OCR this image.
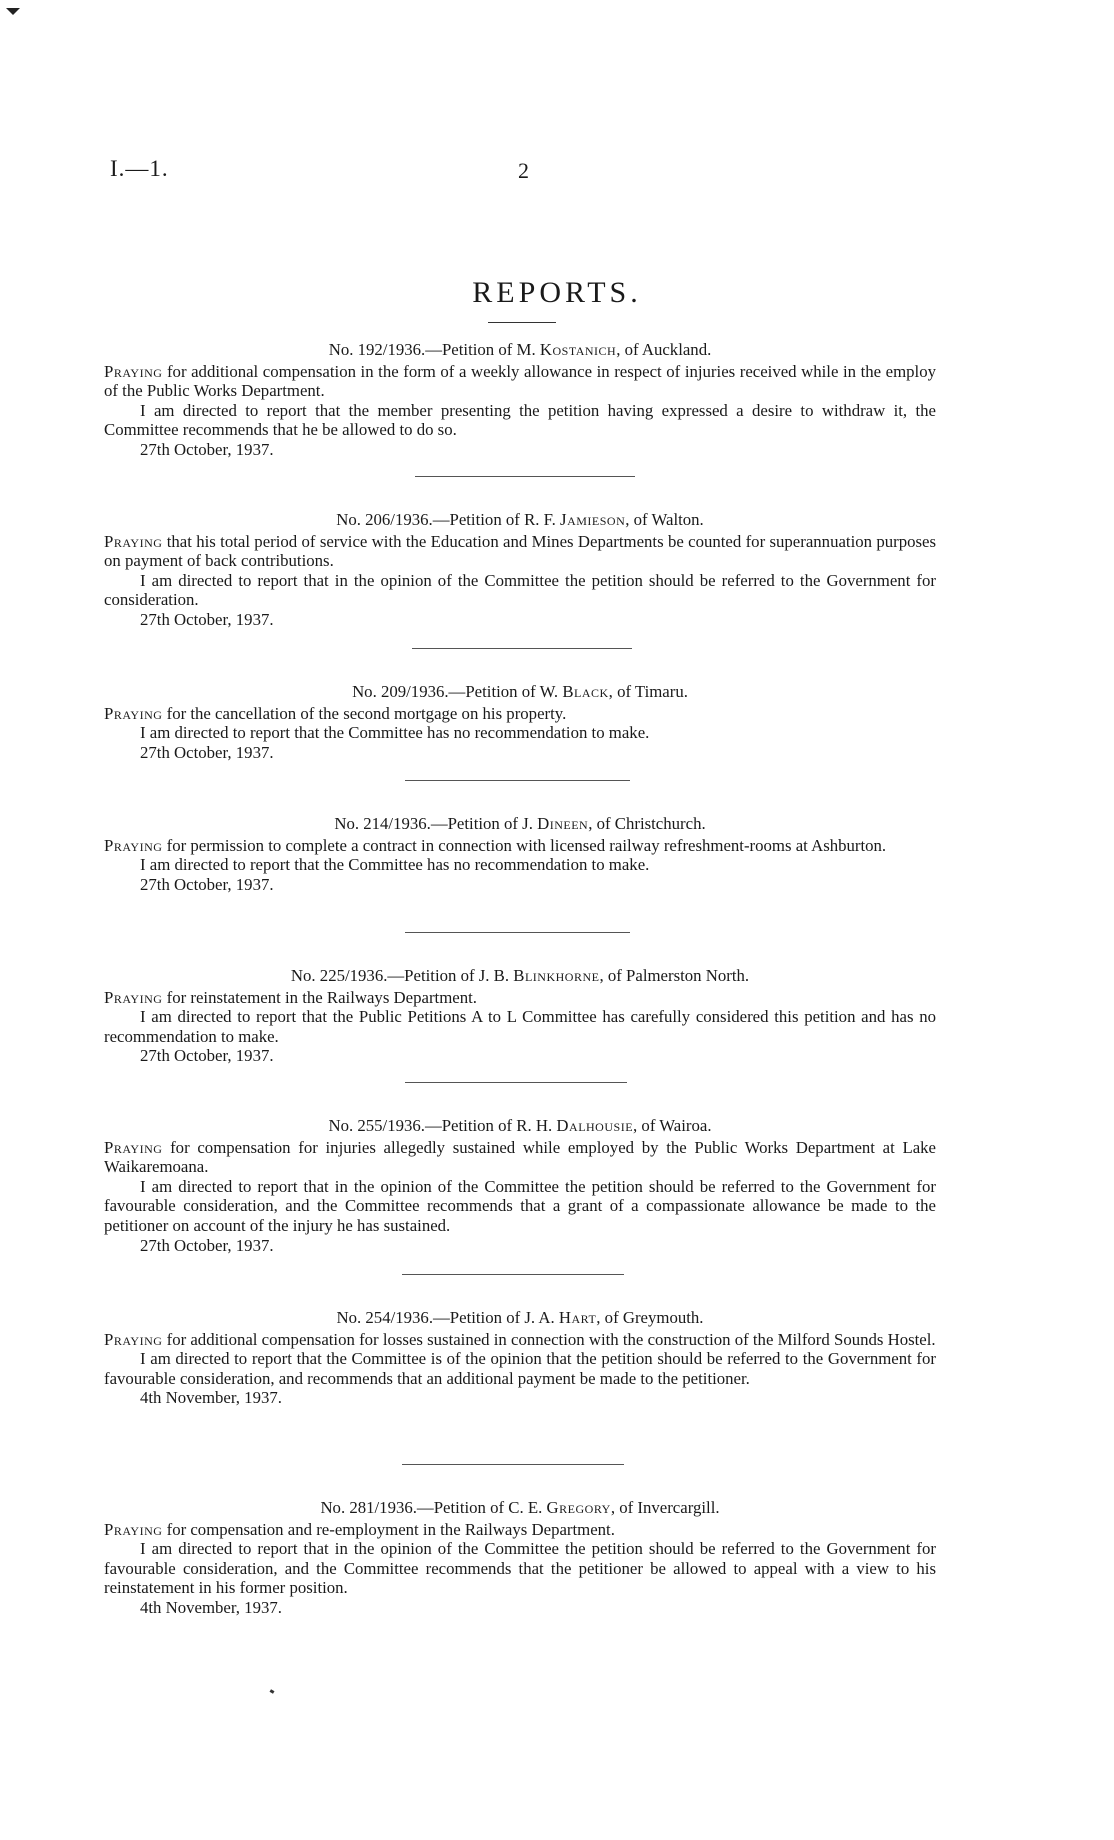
I.—1.	2
REPORTS.
No. 192/1936.—Petition of M. Kostanich, of Auckland.
Praying for additional compensation in the form of a weekly allowance in respect of injuries received while in the employ of the Public Works Department.
I am directed to report that the member presenting the petition having expressed a desire to withdraw it, the Committee recommends that he be allowed to do so.
27th October, 1937.
No. 206/1936.—Petition of R. F. Jamieson, of Walton.
Praying that his total period of service with the Education and Mines Departments be counted for superannuation purposes on payment of back contributions.
I am directed to report that in the opinion of the Committee the petition should be referred to the Government for consideration.
27th October, 1937.
No. 209/1936.—Petition of W. Black, of Timaru.
Praying for the cancellation of the second mortgage on his property.
I am directed to report that the Committee has no recommendation to make.
27th October, 1937.
No. 214/1936.—Petition of J. Dineen, of Christchurch.
Praying for permission to complete a contract in connection with licensed railway refreshment-rooms at Ashburton.
I am directed to report that the Committee has no recommendation to make.
27th October, 1937.
No. 225/1936.—Petition of J. B. Blinkhorne, of Palmerston North.
Praying for reinstatement in the Railways Department.
I am directed to report that the Public Petitions A to L Committee has carefully considered this petition and has no recommendation to make.
27th October, 1937.
No. 255/1936.—Petition of R. H. Dalhousie, of Wairoa.
Praying for compensation for injuries allegedly sustained while employed by the Public Works Department at Lake Waikaremoana.
I am directed to report that in the opinion of the Committee the petition should be referred to the Government for favourable consideration, and the Committee recommends that a grant of a compassionate allowance be made to the petitioner on account of the injury he has sustained.
27th October, 1937.
No. 254/1936.—Petition of J. A. Hart, of Greymouth.
Praying for additional compensation for losses sustained in connection with the construction of the Milford Sounds Hostel.
I am directed to report that the Committee is of the opinion that the petition should be referred to the Government for favourable consideration, and recommends that an additional payment be made to the petitioner.
4th November, 1937.
No. 281/1936.—Petition of C. E. Gregory, of Invercargill.
Praying for compensation and re-employment in the Railways Department.
I am directed to report that in the opinion of the Committee the petition should be referred to the Government for favourable consideration, and the Committee recommends that the petitioner be allowed to appeal with a view to his reinstatement in his former position.
4th November, 1937.
